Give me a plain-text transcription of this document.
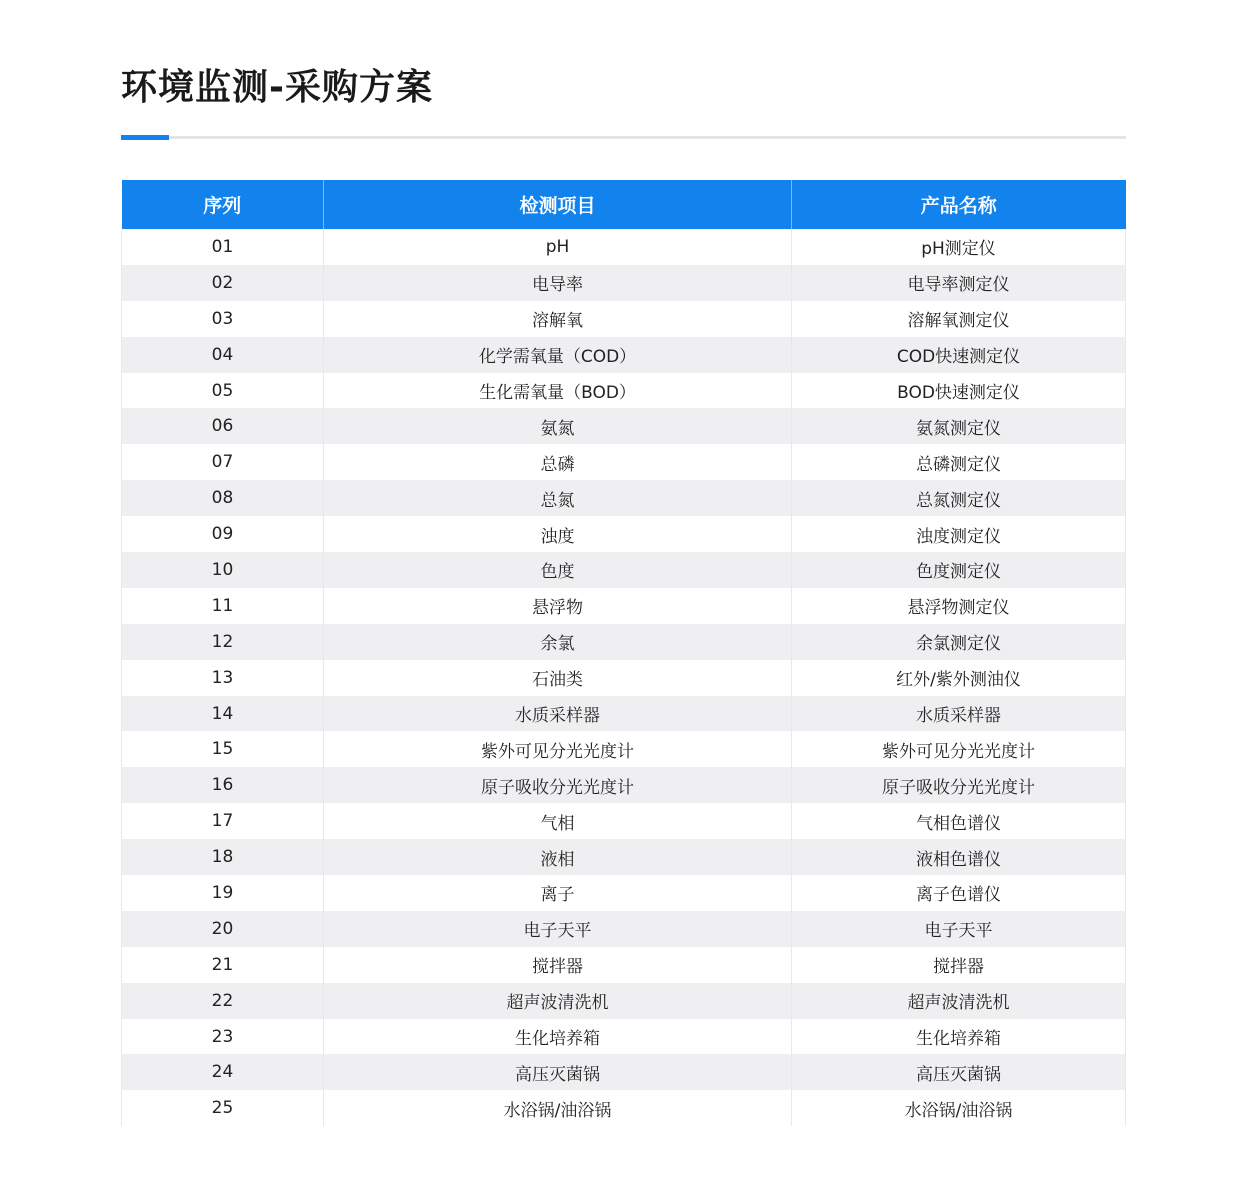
环境监测-采购方案
序列	检测项目	产品名称
01	pH	pH测定仪
02	电导率	电导率测定仪
03	溶解氧	溶解氧测定仪
04	化学需氧量（COD）	COD快速测定仪
05	生化需氧量（BOD）	BOD快速测定仪
06	氨氮	氨氮测定仪
07	总磷	总磷测定仪
08	总氮	总氮测定仪
09	浊度	浊度测定仪
10	色度	色度测定仪
11	悬浮物	悬浮物测定仪
12	余氯	余氯测定仪
13	石油类	红外/紫外测油仪
14	水质采样器	水质采样器
15	紫外可见分光光度计	紫外可见分光光度计
16	原子吸收分光光度计	原子吸收分光光度计
17	气相	气相色谱仪
18	液相	液相色谱仪
19	离子	离子色谱仪
20	电子天平	电子天平
21	搅拌器	搅拌器
22	超声波清洗机	超声波清洗机
23	生化培养箱	生化培养箱
24	高压灭菌锅	高压灭菌锅
25	水浴锅/油浴锅	水浴锅/油浴锅
